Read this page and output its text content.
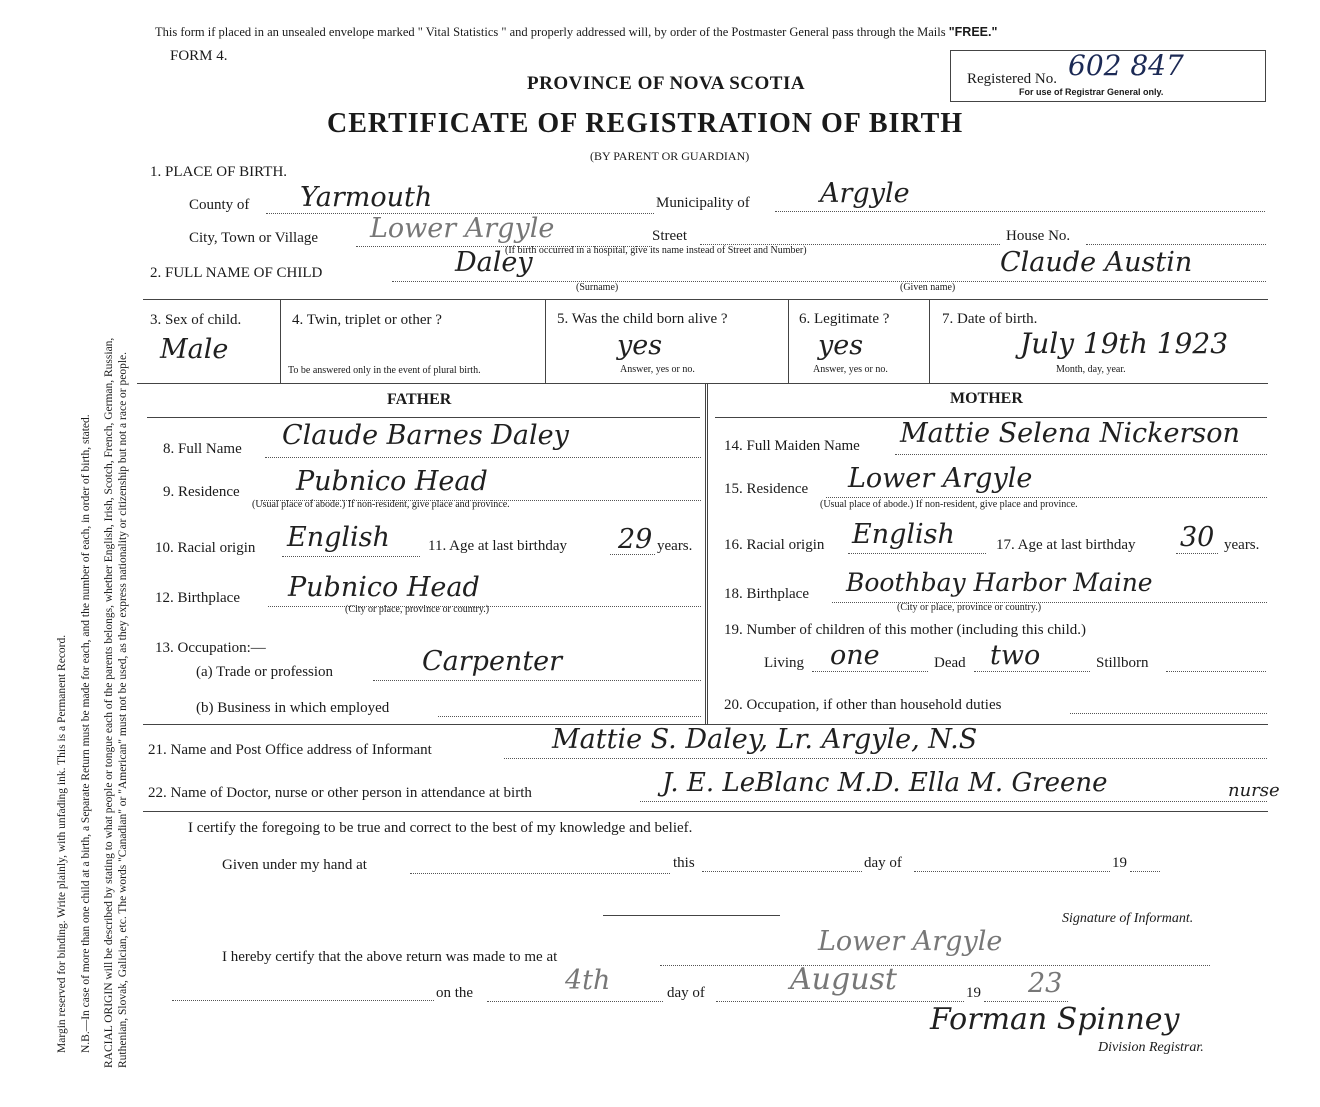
Margin reserved for binding. Write plainly, with unfading ink. This is a Permanent Record. N.B.—In case of more than one child at a birth, a Separate Return must be made for each, and the number of each, in order of birth, stated. RACIAL ORIGIN will be described by stating to what people or tongue each of the parents belongs, whether English, Irish, Scotch, French, German, Russian, Ruthenian, Slovak, Galician, etc. The words "Canadian" or "American" must not be used, as they express nationality or citizenship but not a race or people.
This form if placed in an unsealed envelope marked " Vital Statistics " and properly addressed will, by order of the Postmaster General pass through the Mails "FREE."
FORM 4.
Registered No. 602 847
For use of Registrar General only.
PROVINCE OF NOVA SCOTIA
CERTIFICATE OF REGISTRATION OF BIRTH
(BY PARENT OR GUARDIAN)
1. PLACE OF BIRTH.
County of Yarmouth	Municipality of	Argyle
City, Town or Village Lower Argyle	Street
(If birth occurred in a hospital, give its name instead of Street and Number)
House No.
2. FULL NAME OF CHILD	Daley
(Surname)
Claude Austin
(Given name)
3. Sex of child.
Male
4. Twin, triplet or other ?
To be answered only in the event of plural birth.
5. Was the child born alive ?
yes
Answer, yes or no.
6. Legitimate ?
yes
Answer, yes or no.
7. Date of birth.
July 19th 1923
Month, day, year.
FATHER	MOTHER
8. Full Name Claude Barnes Daley
9. Residence Pubnico Head
(Usual place of abode.) If non-resident, give place and province.
10. Racial origin English	11. Age at last birthday 29 years.
12. Birthplace Pubnico Head
(City or place, province or country.)
13. Occupation:—
(a) Trade or profession	Carpenter
(b) Business in which employed
14. Full Maiden Name Mattie Selena Nickerson
15. Residence Lower Argyle
(Usual place of abode.) If non-resident, give place and province.
16. Racial origin English	17. Age at last birthday 30 years.
18. Birthplace Boothbay Harbor Maine
(City or place, province or country.)
19. Number of children of this mother (including this child.)
Living one	Dead two	Stillborn
20. Occupation, if other than household duties
21. Name and Post Office address of Informant	Mattie S. Daley, Lr. Argyle, N.S
22. Name of Doctor, nurse or other person in attendance at birth	J. E. LeBlanc M.D. Ella M. Greene	nurse
I certify the foregoing to be true and correct to the best of my knowledge and belief.
Given under my hand at	this	day of	19
Signature of Informant.
I hereby certify that the above return was made to me at	Lower Argyle
on the	4th	day of	August	19 23
Forman Spinney
Division Registrar.
